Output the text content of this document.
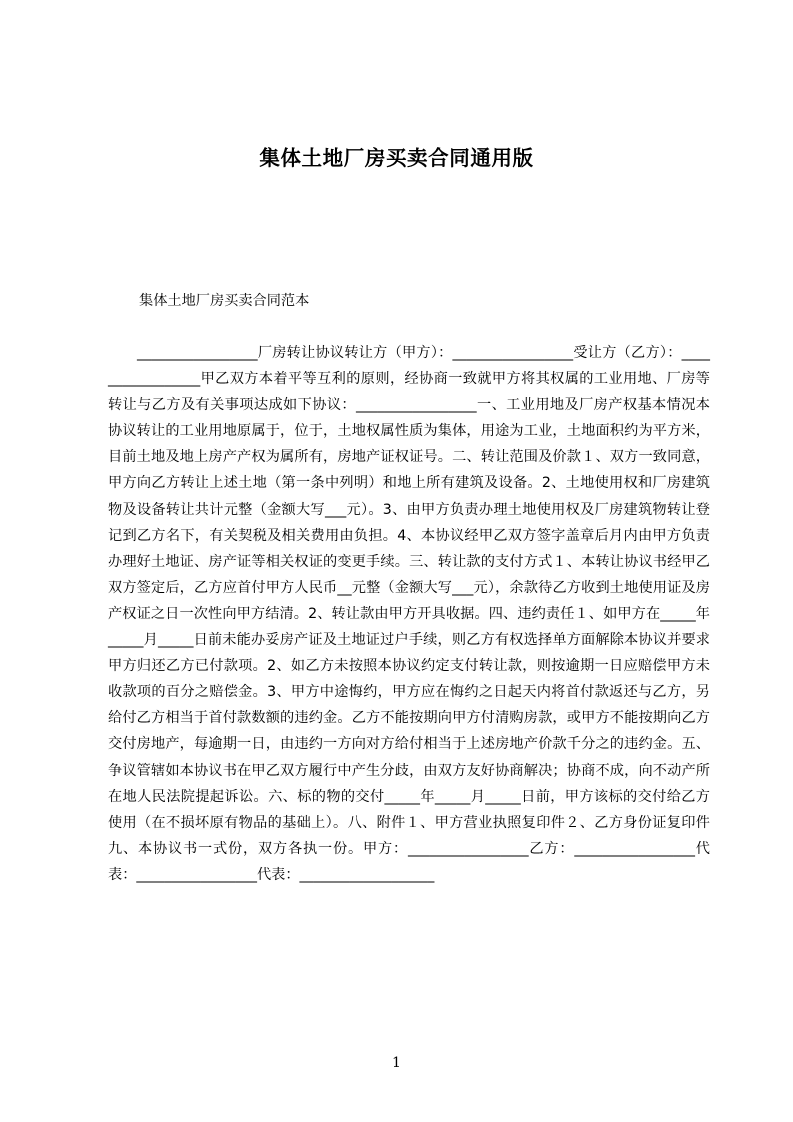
集体土地厂房买卖合同通用版
集体土地厂房买卖合同范本
_________________厂房转让协议转让方（甲方）：_________________受让方（乙方）：_________________甲乙双方本着平等互利的原则，经协商一致就甲方将其权属的工业用地、厂房等转让与乙方及有关事项达成如下协议：_________________一、工业用地及厂房产权基本情况本协议转让的工业用地原属于，位于，土地权属性质为集体，用途为工业，土地面积约为平方米，目前土地及地上房产产权为属所有，房地产证权证号。二、转让范围及价款１、双方一致同意，甲方向乙方转让上述土地（第一条中列明）和地上所有建筑及设备。2、土地使用权和厂房建筑物及设备转让共计元整（金额大写___元）。3、由甲方负责办理土地使用权及厂房建筑物转让登记到乙方名下，有关契税及相关费用由负担。4、本协议经甲乙双方签字盖章后月内由甲方负责办理好土地证、房产证等相关权证的变更手续。三、转让款的支付方式１、本转让协议书经甲乙双方签定后，乙方应首付甲方人民币__元整（金额大写___元），余款待乙方收到土地使用证及房产权证之日一次性向甲方结清。2、转让款由甲方开具收据。四、违约责任１、如甲方在_____年_____月_____日前未能办妥房产证及土地证过户手续，则乙方有权选择单方面解除本协议并要求甲方归还乙方已付款项。2、如乙方未按照本协议约定支付转让款，则按逾期一日应赔偿甲方未收款项的百分之赔偿金。3、甲方中途悔约，甲方应在悔约之日起天内将首付款返还与乙方，另给付乙方相当于首付款数额的违约金。乙方不能按期向甲方付清购房款，或甲方不能按期向乙方交付房地产，每逾期一日，由违约一方向对方给付相当于上述房地产价款千分之的违约金。五、争议管辖如本协议书在甲乙双方履行中产生分歧，由双方友好协商解决；协商不成，向不动产所在地人民法院提起诉讼。六、标的物的交付_____年_____月_____日前，甲方该标的交付给乙方使用（在不损坏原有物品的基础上）。八、附件１、甲方营业执照复印件２、乙方身份证复印件九、本协议书一式份，双方各执一份。甲方：_________________乙方：_________________代表：_________________代表：___________________
1
